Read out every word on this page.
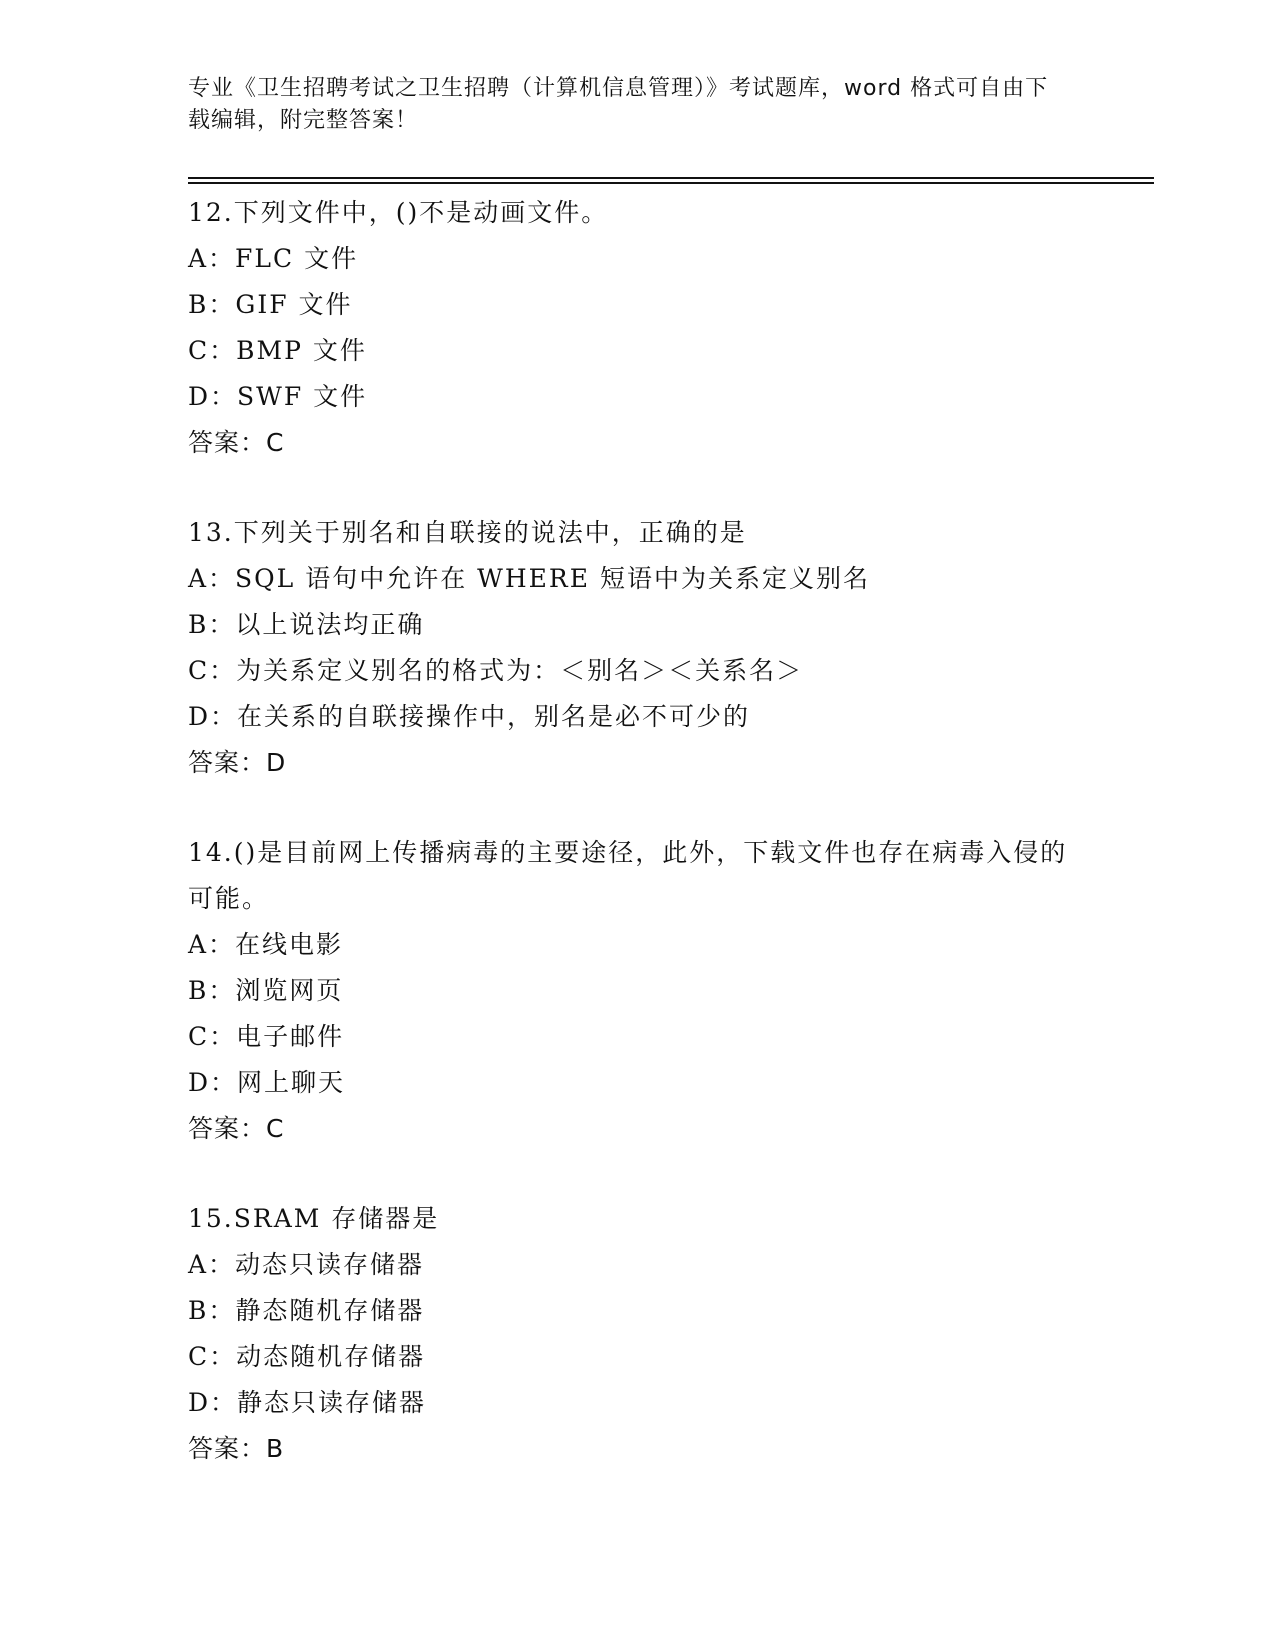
专业《卫生招聘考试之卫生招聘（计算机信息管理）》考试题库，word 格式可自由下载编辑，附完整答案！
12.下列文件中，()不是动画文件。
A：FLC 文件
B：GIF 文件
C：BMP 文件
D：SWF 文件
答案：C
13.下列关于别名和自联接的说法中，正确的是
A：SQL 语句中允许在 WHERE 短语中为关系定义别名
B：以上说法均正确
C：为关系定义别名的格式为：＜别名＞＜关系名＞
D：在关系的自联接操作中，别名是必不可少的
答案：D
14.()是目前网上传播病毒的主要途径，此外，下载文件也存在病毒入侵的可能。
A：在线电影
B：浏览网页
C：电子邮件
D：网上聊天
答案：C
15.SRAM 存储器是
A：动态只读存储器
B：静态随机存储器
C：动态随机存储器
D：静态只读存储器
答案：B
